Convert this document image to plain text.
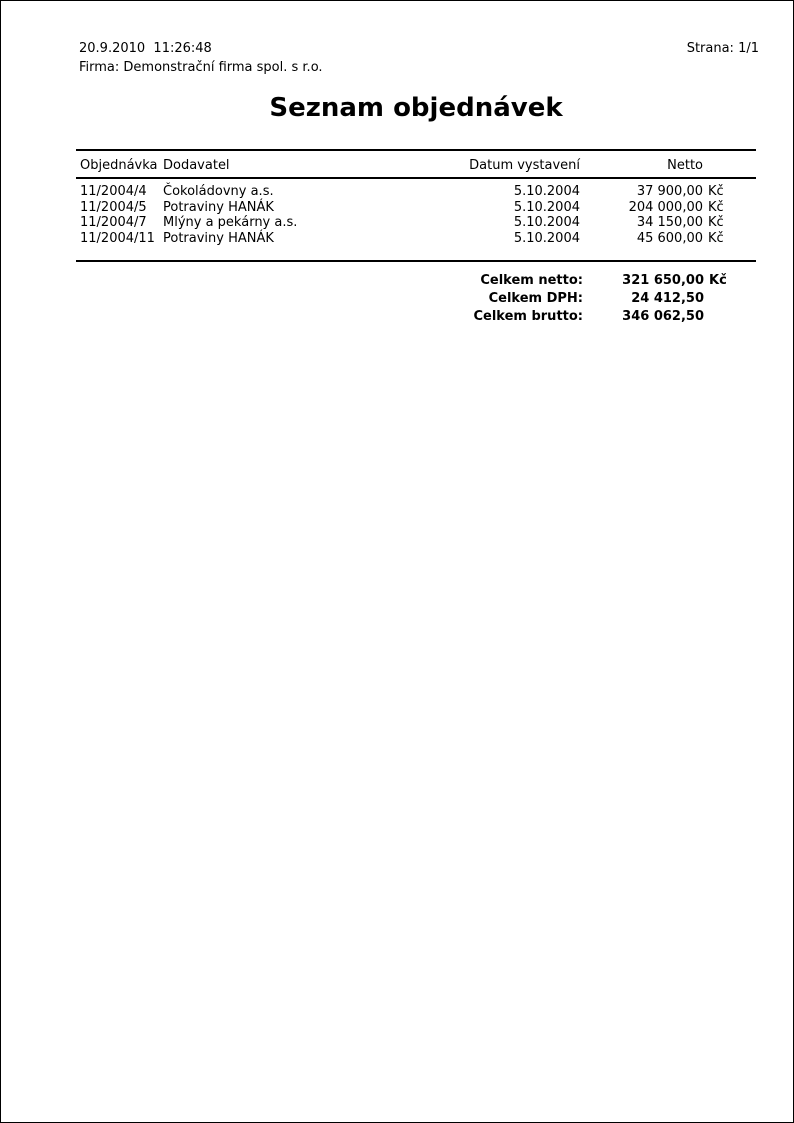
20.9.2010  11:26:48	Strana: 1/1
Firma: Demonstrační firma spol. s r.o.
Seznam objednávek
Objednávka	Dodavatel	Datum vystavení	Netto	
11/2004/4	Čokoládovny a.s.	5.10.2004	37 900,00	Kč
11/2004/5	Potraviny HANÁK	5.10.2004	204 000,00	Kč
11/2004/7	Mlýny a pekárny a.s.	5.10.2004	34 150,00	Kč
11/2004/11	Potraviny HANÁK	5.10.2004	45 600,00	Kč
Celkem netto:	321 650,00 Kč
Celkem DPH:	24 412,50
Celkem brutto:	346 062,50
